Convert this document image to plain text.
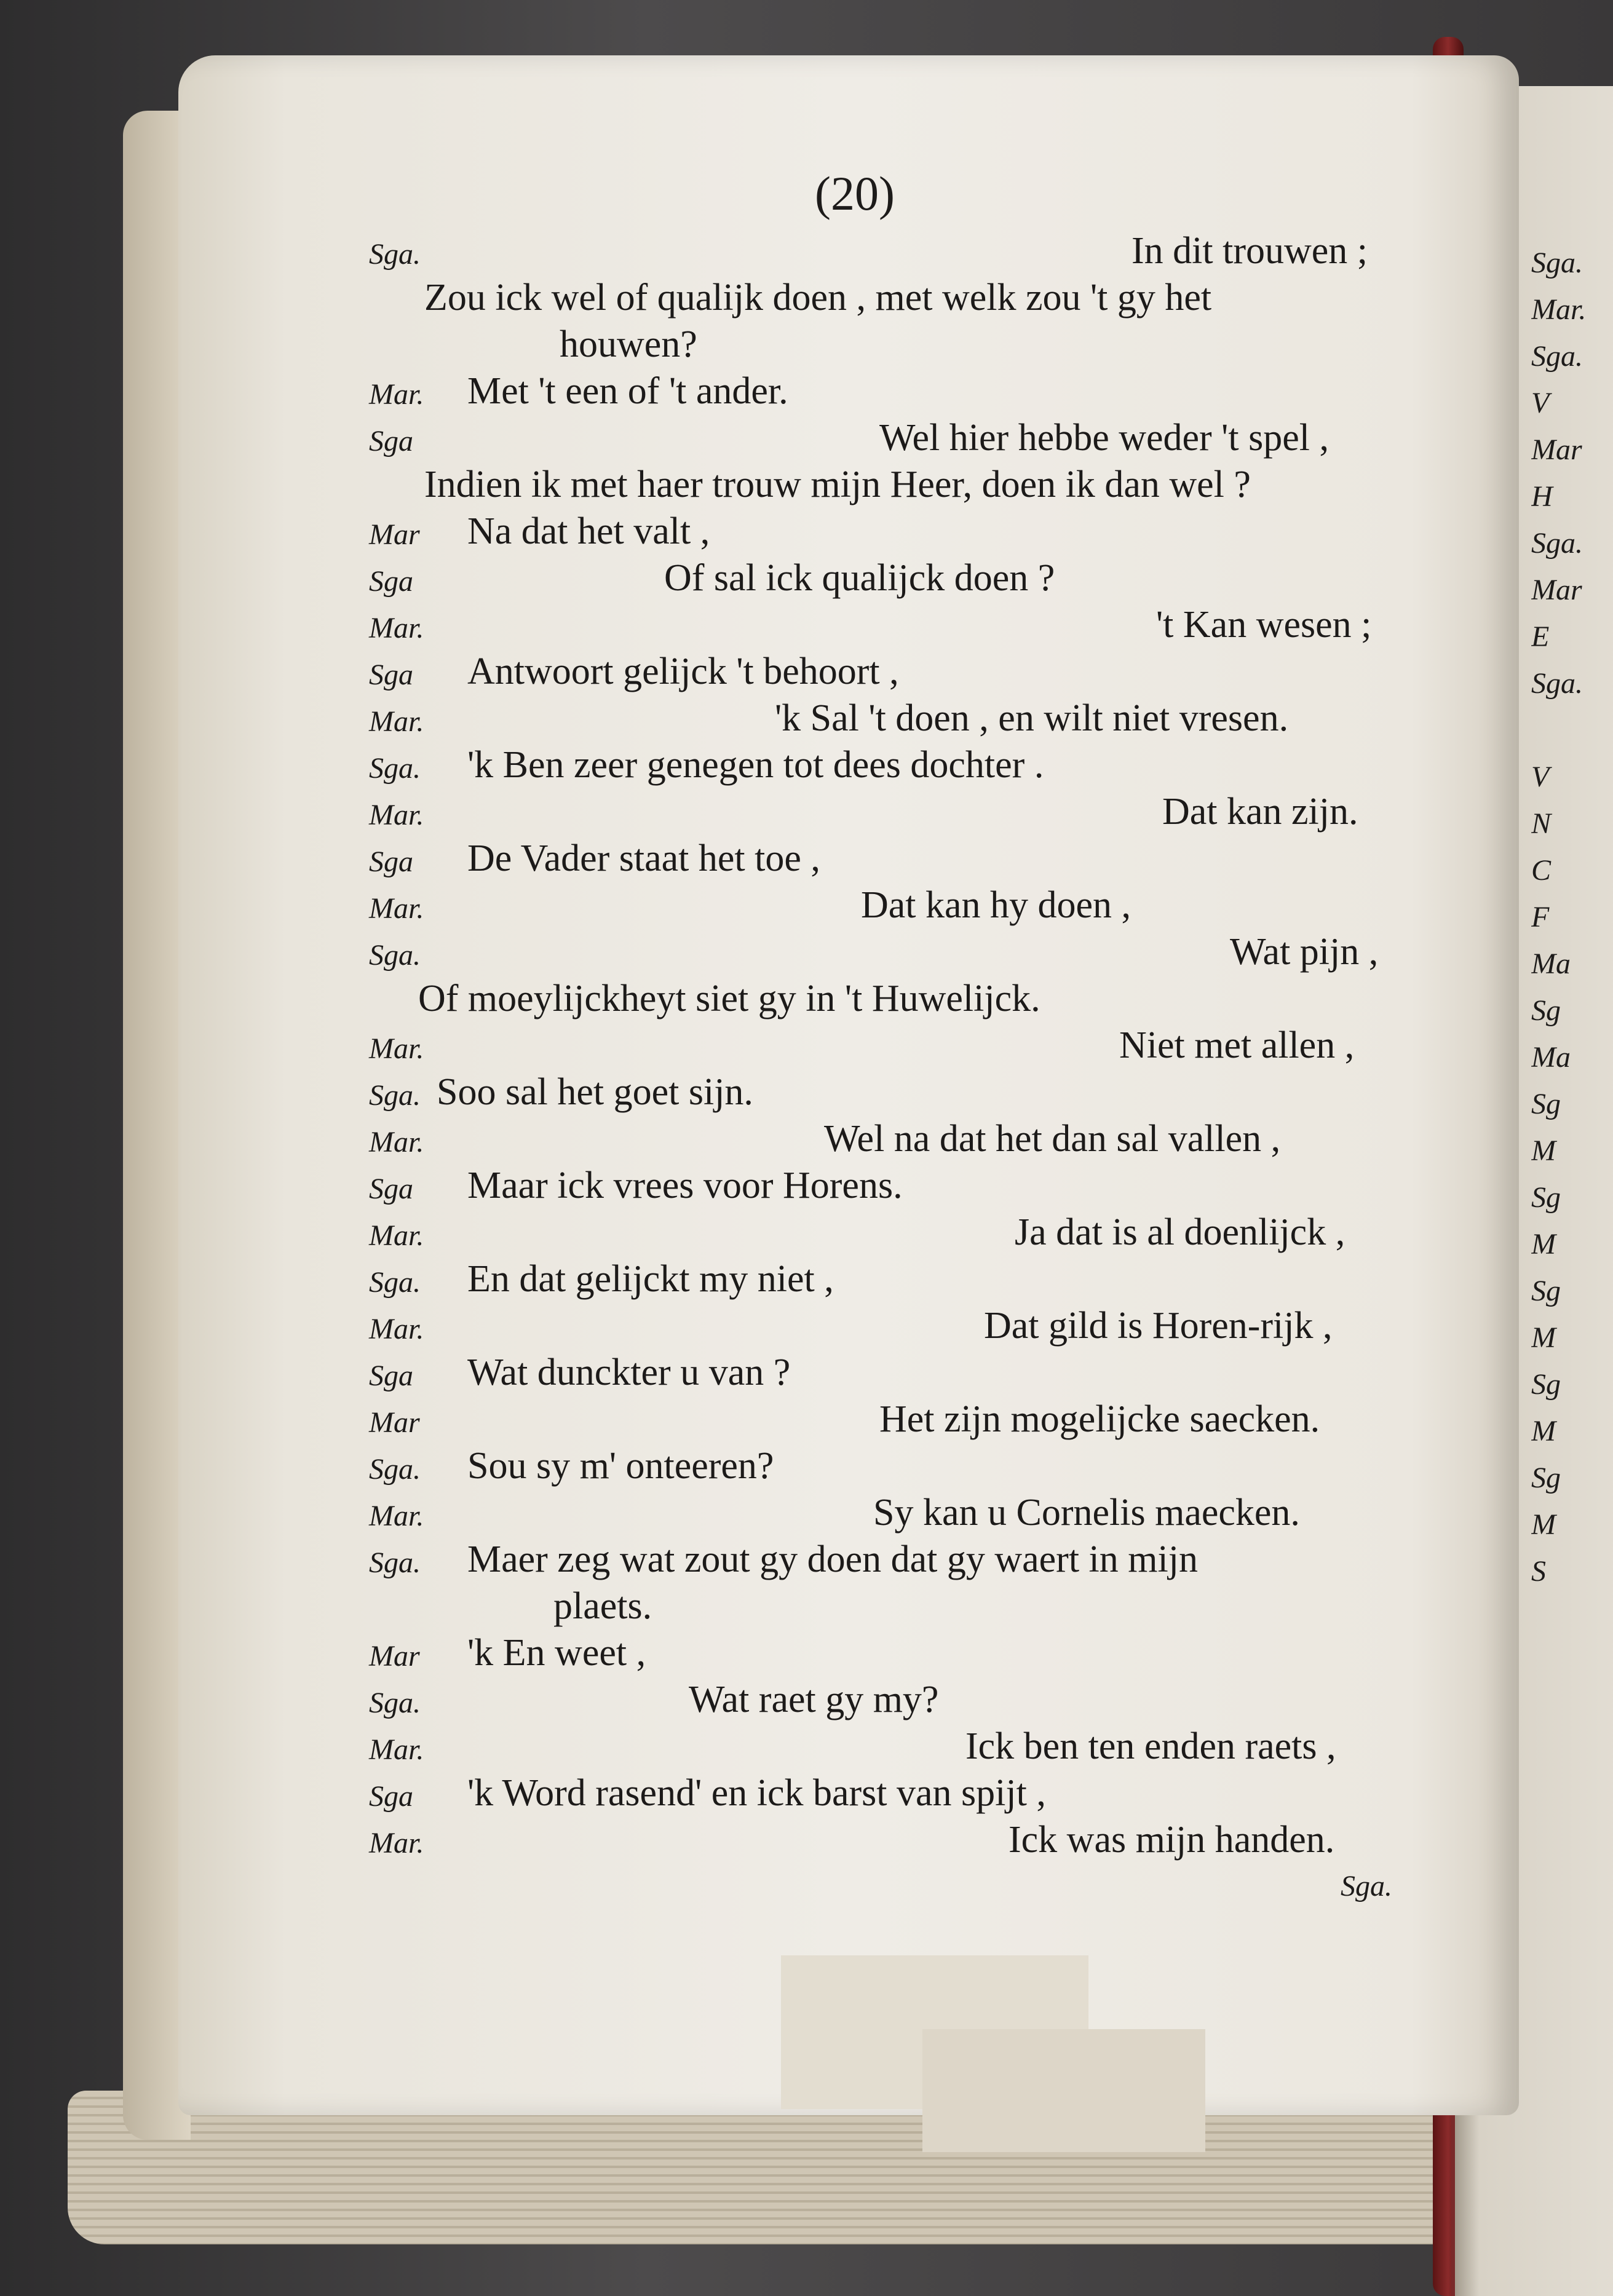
(20)
Sga.	In dit trouwen ;
Zou ick wel of qualijk doen , met welk zou 't gy het
houwen?
Mar. Met 't een of 't ander.
Sga	Wel hier hebbe weder 't spel ,
Indien ik met haer trouw mijn Heer, doen ik dan wel ?
Mar Na dat het valt ,
Sga	Of sal ick qualijck doen ?
Mar.	't Kan wesen ;
Sga Antwoort gelijck 't behoort ,
Mar.	'k Sal 't doen , en wilt niet vresen.
Sga. 'k Ben zeer genegen tot dees dochter .
Mar.	Dat kan zijn.
Sga De Vader staat het toe ,
Mar.	Dat kan hy doen ,
Sga.	Wat pijn ,
Of moeylijckheyt siet gy in 't Huwelijck.
Mar.	Niet met allen ,
Sga. Soo sal het goet sijn.
Mar.	Wel na dat het dan sal vallen ,
Sga Maar ick vrees voor Horens.
Mar.	Ja dat is al doenlijck ,
Sga. En dat gelijckt my niet ,
Mar.	Dat gild is Horen-rijk ,
Sga Wat dunckter u van ?
Mar	Het zijn mogelijcke saecken.
Sga. Sou sy m' onteeren?
Mar.	Sy kan u Cornelis maecken.
Sga. Maer zeg wat zout gy doen dat gy waert in mijn
plaets.
Mar 'k En weet ,
Sga.	Wat raet gy my?
Mar.	Ick ben ten enden raets ,
Sga 'k Word rasend' en ick barst van spijt ,
Mar.	Ick was mijn handen.
Sga.
Sga.
Mar.
Sga.
V
Mar
H
Sga.
Mar
E
Sga.
V
N
C
F
Ma
Sg
Ma
Sg
M
Sg
M
Sg
M
Sg
M
Sg
M
S
